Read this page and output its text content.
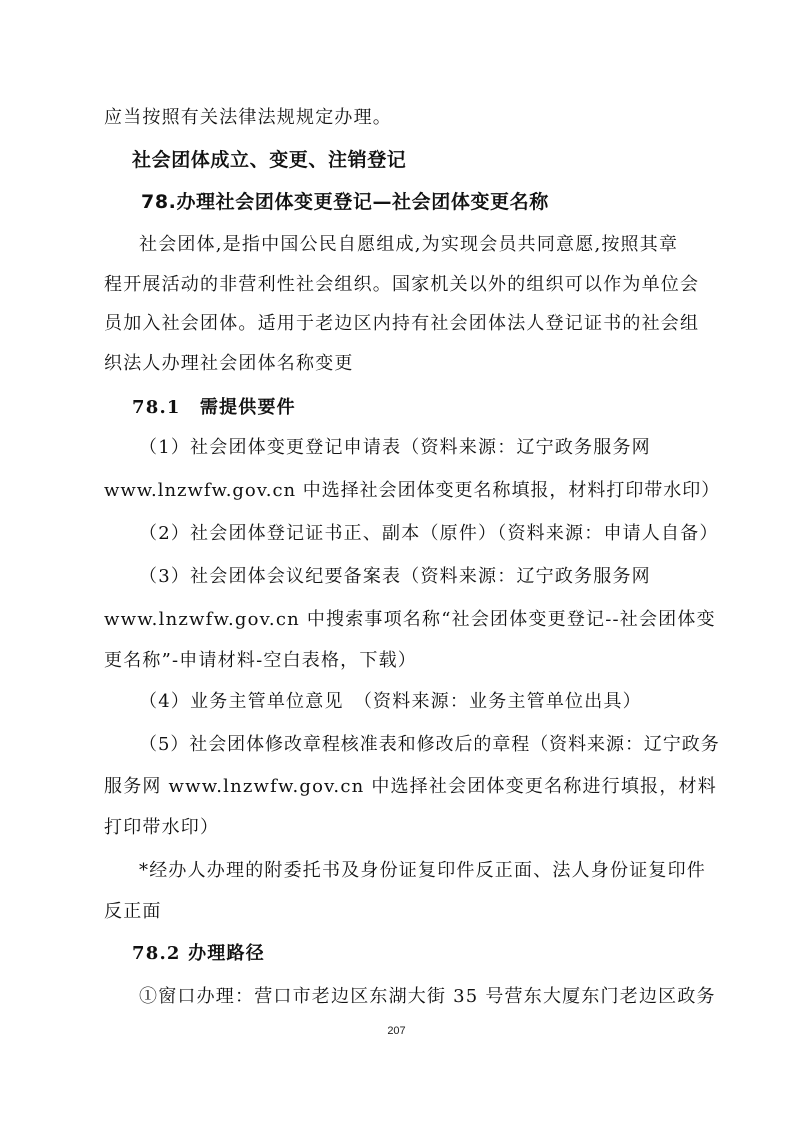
应当按照有关法律法规规定办理。
社会团体成立、变更、注销登记
78.办理社会团体变更登记—社会团体变更名称
社会团体,是指中国公民自愿组成,为实现会员共同意愿,按照其章
程开展活动的非营利性社会组织。国家机关以外的组织可以作为单位会
员加入社会团体。适用于老边区内持有社会团体法人登记证书的社会组
织法人办理社会团体名称变更
78.1　需提供要件
（1）社会团体变更登记申请表（资料来源：辽宁政务服务网
www.lnzwfw.gov.cn 中选择社会团体变更名称填报，材料打印带水印）
（2）社会团体登记证书正、副本（原件）（资料来源：申请人自备）
（3）社会团体会议纪要备案表（资料来源：辽宁政务服务网
www.lnzwfw.gov.cn 中搜索事项名称“社会团体变更登记--社会团体变
更名称”-申请材料-空白表格，下载）
（4）业务主管单位意见　（资料来源：业务主管单位出具）
（5）社会团体修改章程核准表和修改后的章程（资料来源：辽宁政务
服务网 www.lnzwfw.gov.cn 中选择社会团体变更名称进行填报，材料
打印带水印）
*经办人办理的附委托书及身份证复印件反正面、法人身份证复印件
反正面
78.2 办理路径
①窗口办理：营口市老边区东湖大街 35 号营东大厦东门老边区政务
207
